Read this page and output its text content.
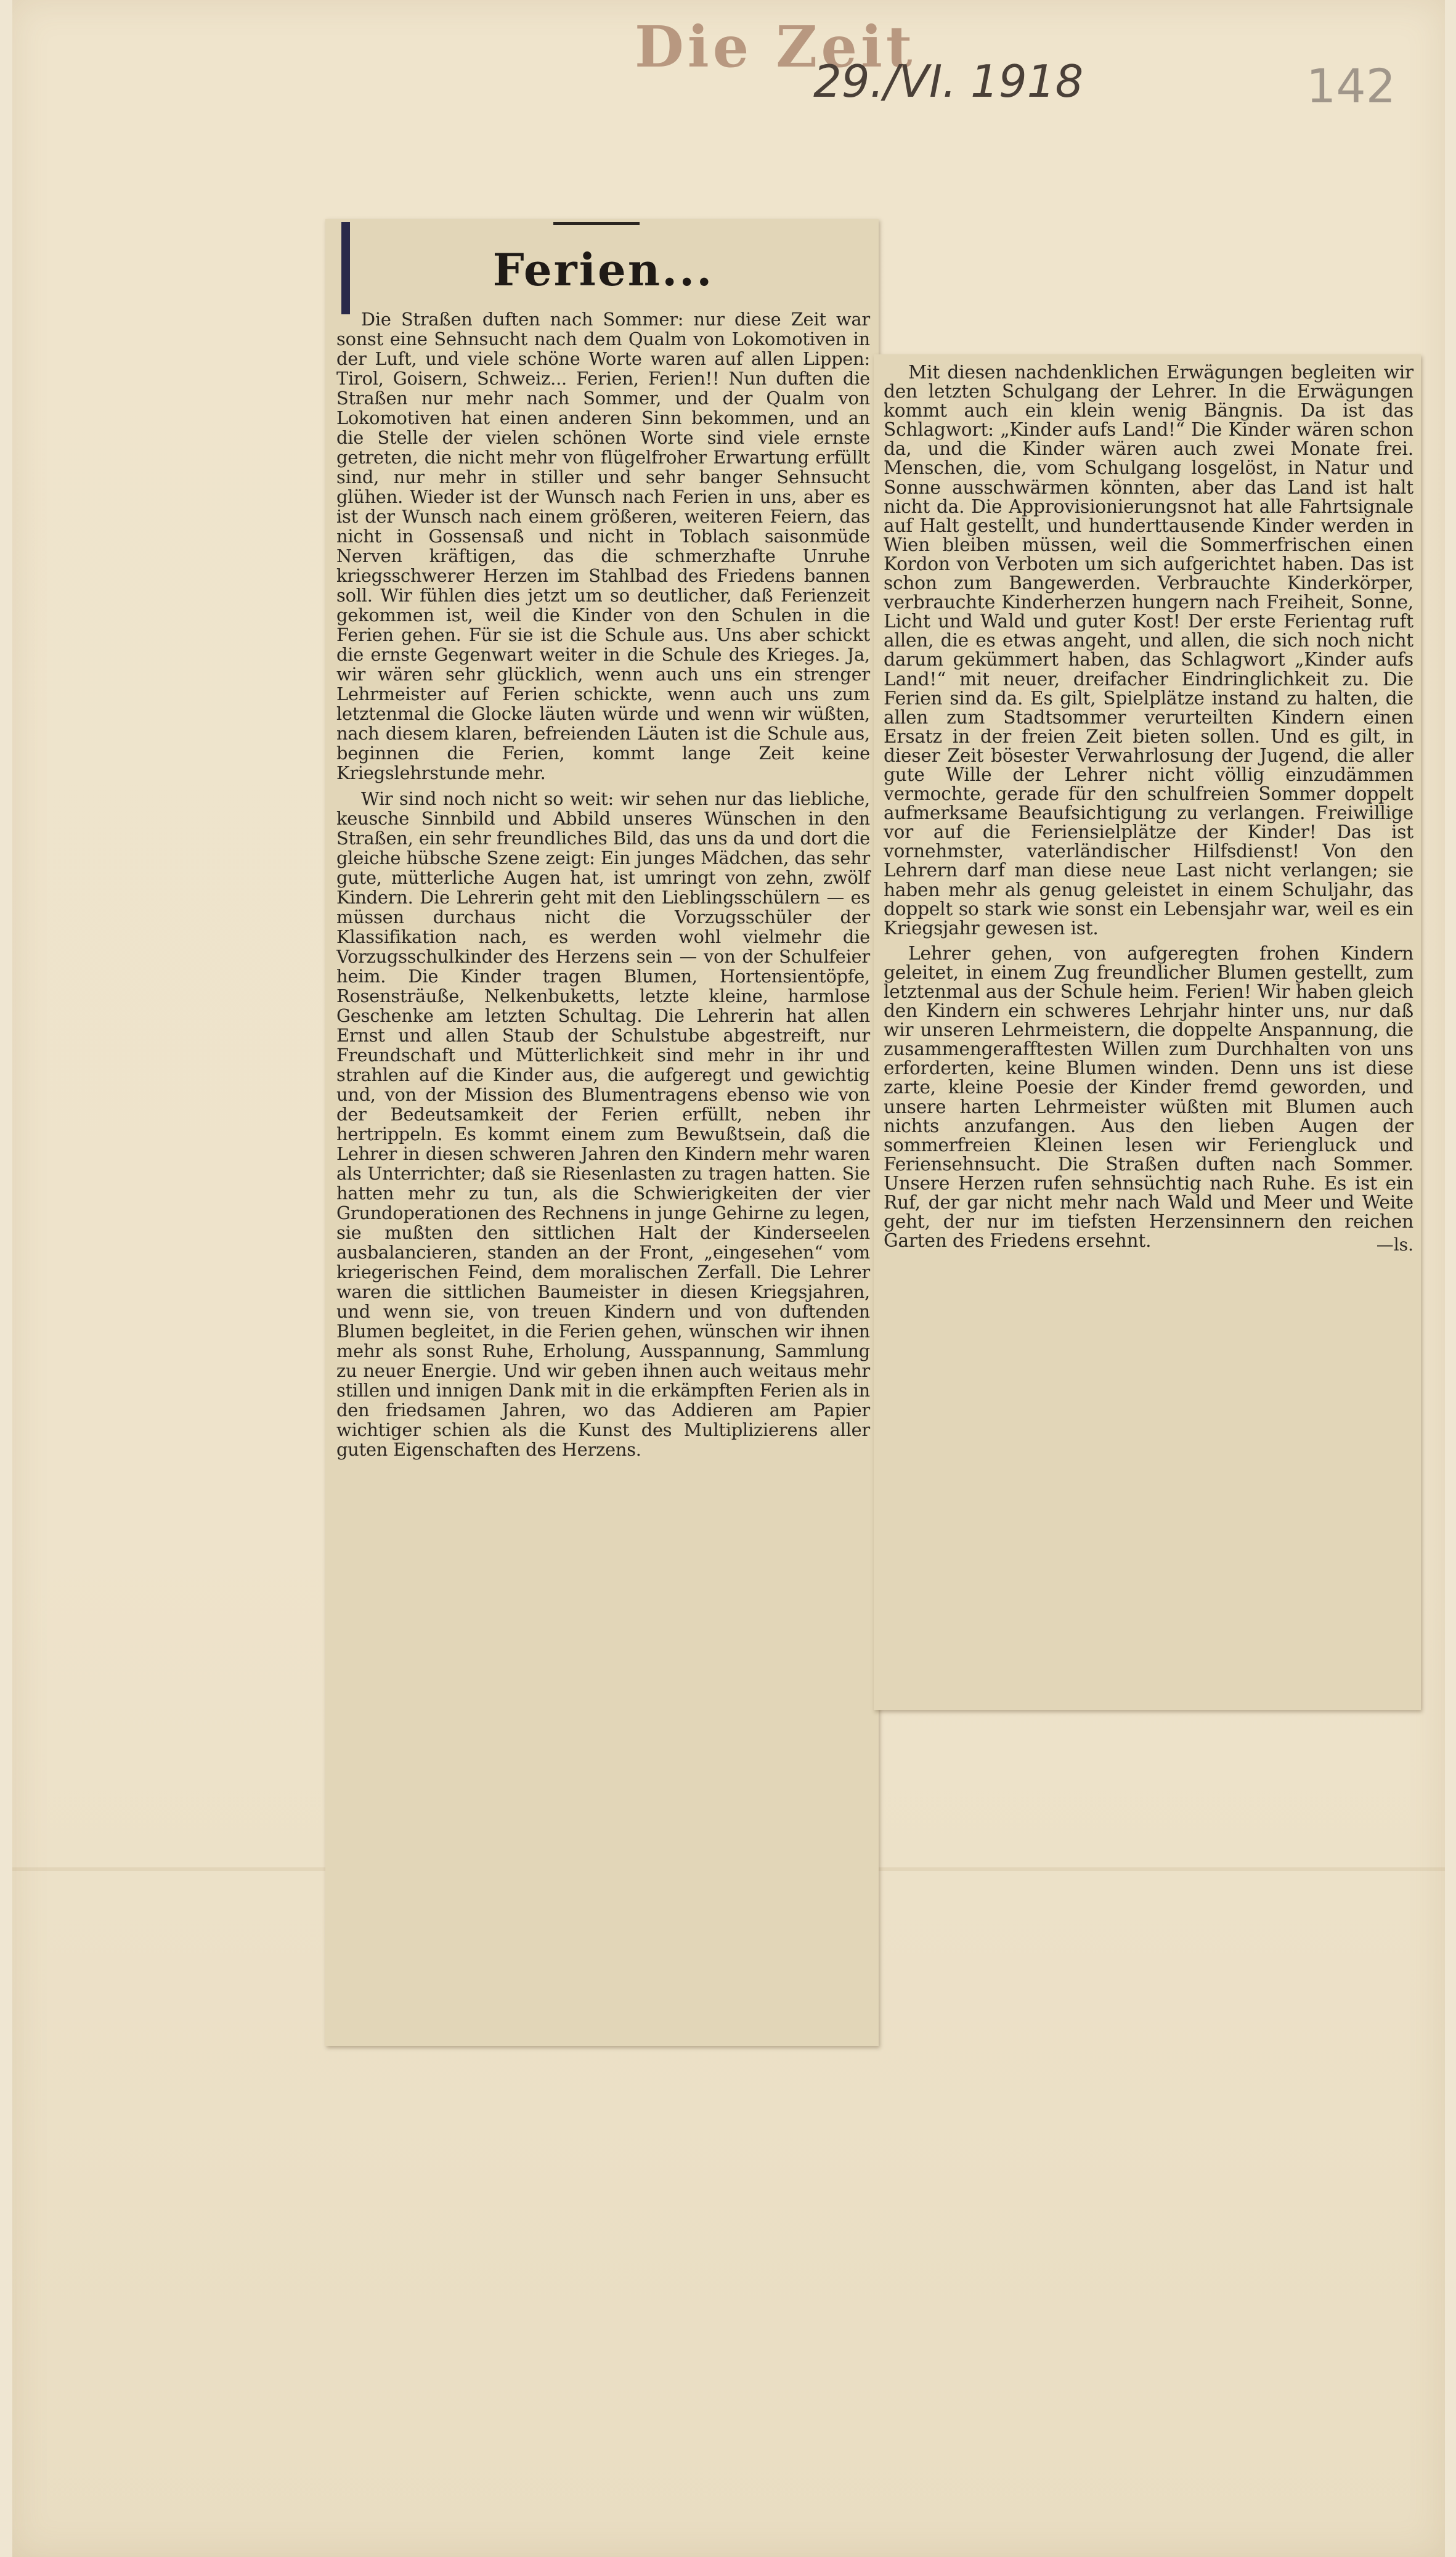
Die Zeit
29./VI. 1918	142
Ferien...

Die Straßen duften nach Sommer: nur diese Zeit war sonst eine Sehnsucht nach dem Qualm von Lokomotiven in der Luft, und viele schöne Worte waren auf allen Lippen: Tirol, Goisern, Schweiz... Ferien, Ferien!! Nun duften die Straßen nur mehr nach Sommer, und der Qualm von Lokomotiven hat einen anderen Sinn bekommen, und an die Stelle der vielen schönen Worte sind viele ernste getreten, die nicht mehr von flügelfroher Erwartung erfüllt sind, nur mehr in stiller und sehr banger Sehnsucht glühen. Wieder ist der Wunsch nach Ferien in uns, aber es ist der Wunsch nach einem größeren, weiteren Feiern, das nicht in Gossensaß und nicht in Toblach saisonmüde Nerven kräftigen, das die schmerzhafte Unruhe kriegsschwerer Herzen im Stahlbad des Friedens bannen soll. Wir fühlen dies jetzt um so deutlicher, daß Ferienzeit gekommen ist, weil die Kinder von den Schulen in die Ferien gehen. Für sie ist die Schule aus. Uns aber schickt die ernste Gegenwart weiter in die Schule des Krieges. Ja, wir wären sehr glücklich, wenn auch uns ein strenger Lehrmeister auf Ferien schickte, wenn auch uns zum letztenmal die Glocke läuten würde und wenn wir wüßten, nach diesem klaren, befreienden Läuten ist die Schule aus, beginnen die Ferien, kommt lange Zeit keine Kriegslehrstunde mehr.

Wir sind noch nicht so weit: wir sehen nur das liebliche, keusche Sinnbild und Abbild unseres Wünschen in den Straßen, ein sehr freundliches Bild, das uns da und dort die gleiche hübsche Szene zeigt: Ein junges Mädchen, das sehr gute, mütterliche Augen hat, ist umringt von zehn, zwölf Kindern. Die Lehrerin geht mit den Lieblingsschülern — es müssen durchaus nicht die Vorzugsschüler der Klassifikation nach, es werden wohl vielmehr die Vorzugsschulkinder des Herzens sein — von der Schulfeier heim. Die Kinder tragen Blumen, Hortensientöpfe, Rosensträuße, Nelkenbuketts, letzte kleine, harmlose Geschenke am letzten Schultag. Die Lehrerin hat allen Ernst und allen Staub der Schulstube abgestreift, nur Freundschaft und Mütterlichkeit sind mehr in ihr und strahlen auf die Kinder aus, die aufgeregt und gewichtig und, von der Mission des Blumentragens ebenso wie von der Bedeutsamkeit der Ferien erfüllt, neben ihr hertrippeln. Es kommt einem zum Bewußtsein, daß die Lehrer in diesen schweren Jahren den Kindern mehr waren als Unterrichter; daß sie Riesenlasten zu tragen hatten. Sie hatten mehr zu tun, als die Schwierigkeiten der vier Grundoperationen des Rechnens in junge Gehirne zu legen, sie mußten den sittlichen Halt der Kinderseelen ausbalancieren, standen an der Front, „eingesehen“ vom kriegerischen Feind, dem moralischen Zerfall. Die Lehrer waren die sittlichen Baumeister in diesen Kriegsjahren, und wenn sie, von treuen Kindern und von duftenden Blumen begleitet, in die Ferien gehen, wünschen wir ihnen mehr als sonst Ruhe, Erholung, Ausspannung, Sammlung zu neuer Energie. Und wir geben ihnen auch weitaus mehr stillen und innigen Dank mit in die erkämpften Ferien als in den friedsamen Jahren, wo das Addieren am Papier wichtiger schien als die Kunst des Multiplizierens aller guten Eigenschaften des Herzens.

Mit diesen nachdenklichen Erwägungen begleiten wir den letzten Schulgang der Lehrer. In die Erwägungen kommt auch ein klein wenig Bängnis. Da ist das Schlagwort: „Kinder aufs Land!“ Die Kinder wären schon da, und die Kinder wären auch zwei Monate frei. Menschen, die, vom Schulgang losgelöst, in Natur und Sonne ausschwärmen könnten, aber das Land ist halt nicht da. Die Approvisionierungsnot hat alle Fahrtsignale auf Halt gestellt, und hunderttausende Kinder werden in Wien bleiben müssen, weil die Sommerfrischen einen Kordon von Verboten um sich aufgerichtet haben. Das ist schon zum Bangewerden. Verbrauchte Kinderkörper, verbrauchte Kinderherzen hungern nach Freiheit, Sonne, Licht und Wald und guter Kost! Der erste Ferientag ruft allen, die es etwas angeht, und allen, die sich noch nicht darum gekümmert haben, das Schlagwort „Kinder aufs Land!“ mit neuer, dreifacher Eindringlichkeit zu. Die Ferien sind da. Es gilt, Spielplätze instand zu halten, die allen zum Stadtsommer verurteilten Kindern einen Ersatz in der freien Zeit bieten sollen. Und es gilt, in dieser Zeit bösester Verwahrlosung der Jugend, die aller gute Wille der Lehrer nicht völlig einzudämmen vermochte, gerade für den schulfreien Sommer doppelt aufmerksame Beaufsichtigung zu verlangen. Freiwillige vor auf die Feriensielplätze der Kinder! Das ist vornehmster, vaterländischer Hilfsdienst! Von den Lehrern darf man diese neue Last nicht verlangen; sie haben mehr als genug geleistet in einem Schuljahr, das doppelt so stark wie sonst ein Lebensjahr war, weil es ein Kriegsjahr gewesen ist.

Lehrer gehen, von aufgeregten frohen Kindern geleitet, in einem Zug freundlicher Blumen gestellt, zum letztenmal aus der Schule heim. Ferien! Wir haben gleich den Kindern ein schweres Lehrjahr hinter uns, nur daß wir unseren Lehrmeistern, die doppelte Anspannung, die zusammengerafftesten Willen zum Durchhalten von uns erforderten, keine Blumen winden. Denn uns ist diese zarte, kleine Poesie der Kinder fremd geworden, und unsere harten Lehrmeister wüßten mit Blumen auch nichts anzufangen. Aus den lieben Augen der sommerfreien Kleinen lesen wir Feriengluck und Feriensehnsucht. Die Straßen duften nach Sommer. Unsere Herzen rufen sehnsüchtig nach Ruhe. Es ist ein Ruf, der gar nicht mehr nach Wald und Meer und Weite geht, der nur im tiefsten Herzensinnern den reichen Garten des Friedens ersehnt.	—ls.
